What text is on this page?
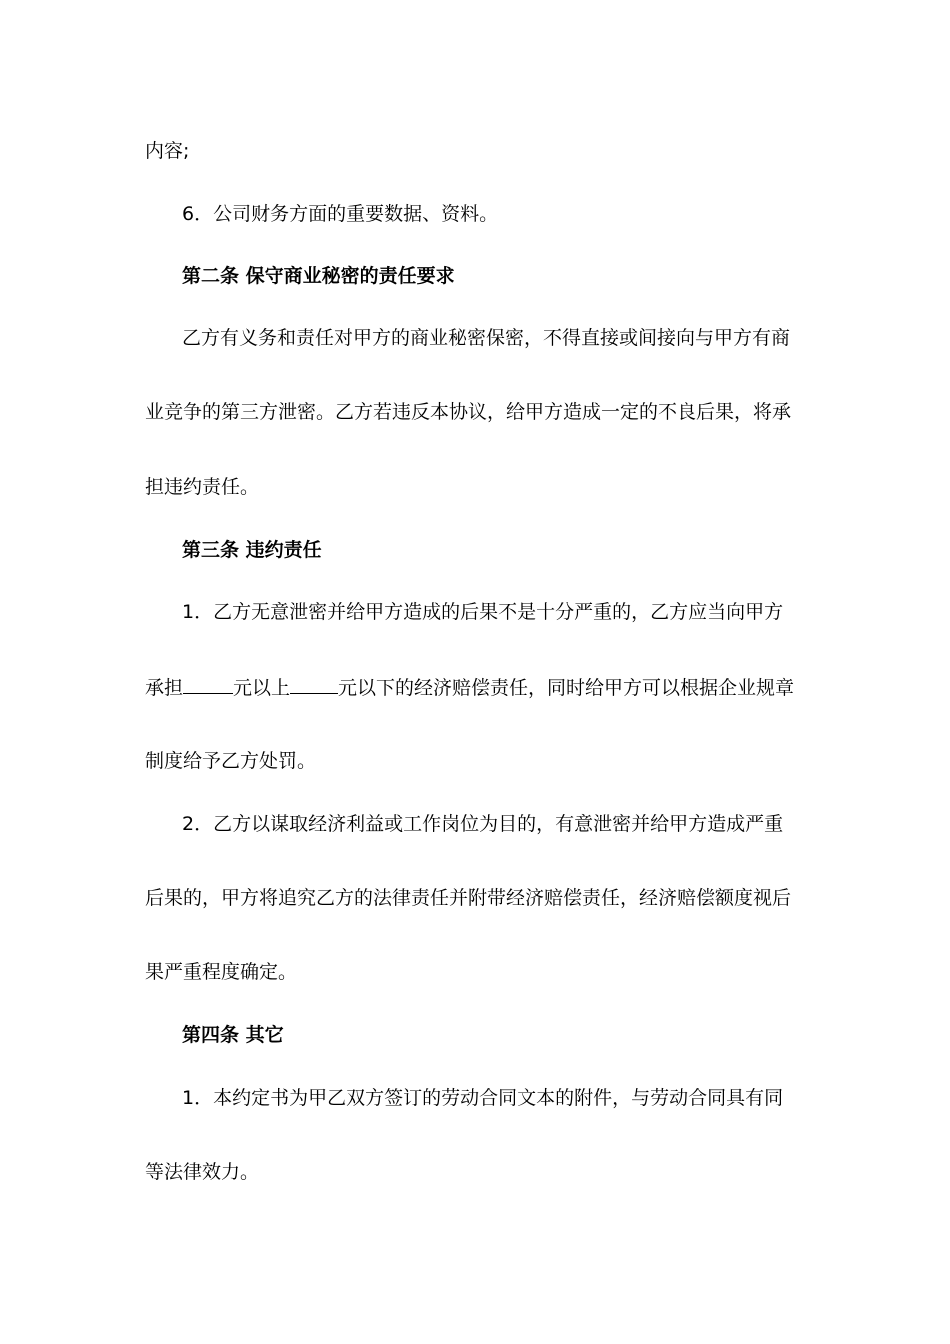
内容;
6．公司财务方面的重要数据、资料。
第二条 保守商业秘密的责任要求
乙方有义务和责任对甲方的商业秘密保密，不得直接或间接向与甲方有商
业竞争的第三方泄密。乙方若违反本协议，给甲方造成一定的不良后果，将承
担违约责任。
第三条 违约责任
1．乙方无意泄密并给甲方造成的后果不是十分严重的，乙方应当向甲方
承担	元以上	元以下的经济赔偿责任，同时给甲方可以根据企业规章
制度给予乙方处罚。
2．乙方以谋取经济利益或工作岗位为目的，有意泄密并给甲方造成严重
后果的，甲方将追究乙方的法律责任并附带经济赔偿责任，经济赔偿额度视后
果严重程度确定。
第四条 其它
1．本约定书为甲乙双方签订的劳动合同文本的附件，与劳动合同具有同
等法律效力。
